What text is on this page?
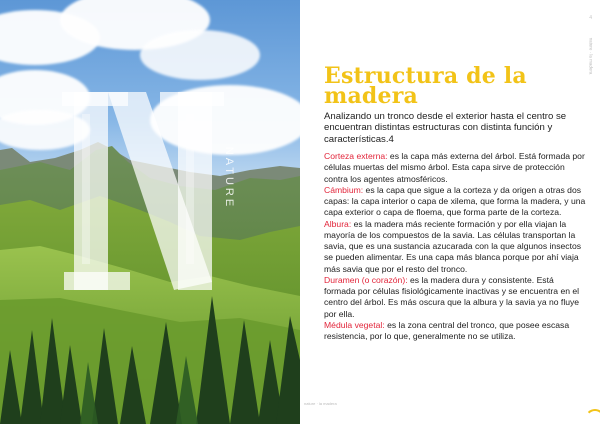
NATURE
4
nature · la madera
Estructura de la madera

Analizando un tronco desde el exterior hasta el centro se encuentran distintas estructuras con distinta función y características.4

Corteza externa: es la capa más externa del árbol. Está formada por células muertas del mismo árbol. Esta capa sirve de protección contra los agentes atmosféricos.
Cámbium: es la capa que sigue a la corteza y da origen a otras dos capas: la capa interior o capa de xilema, que forma la madera, y una capa exterior o capa de floema, que forma parte de la corteza.
Albura: es la madera más reciente formación y por ella viajan la mayoría de los compuestos de la savia. Las células transportan la savia, que es una sustancia azucarada con la que algunos insectos se pueden alimentar. Es una capa más blanca porque por ahí viaja más savia que por el resto del tronco.
Duramen (o corazón): es la madera dura y consistente. Está formada por células fisiológicamente inactivas y se encuentra en el centro del árbol. Es más oscura que la albura y la savia ya no fluye por ella.
Médula vegetal: es la zona central del tronco, que posee escasa resistencia, por lo que, generalmente no se utiliza.

nature · la madera
